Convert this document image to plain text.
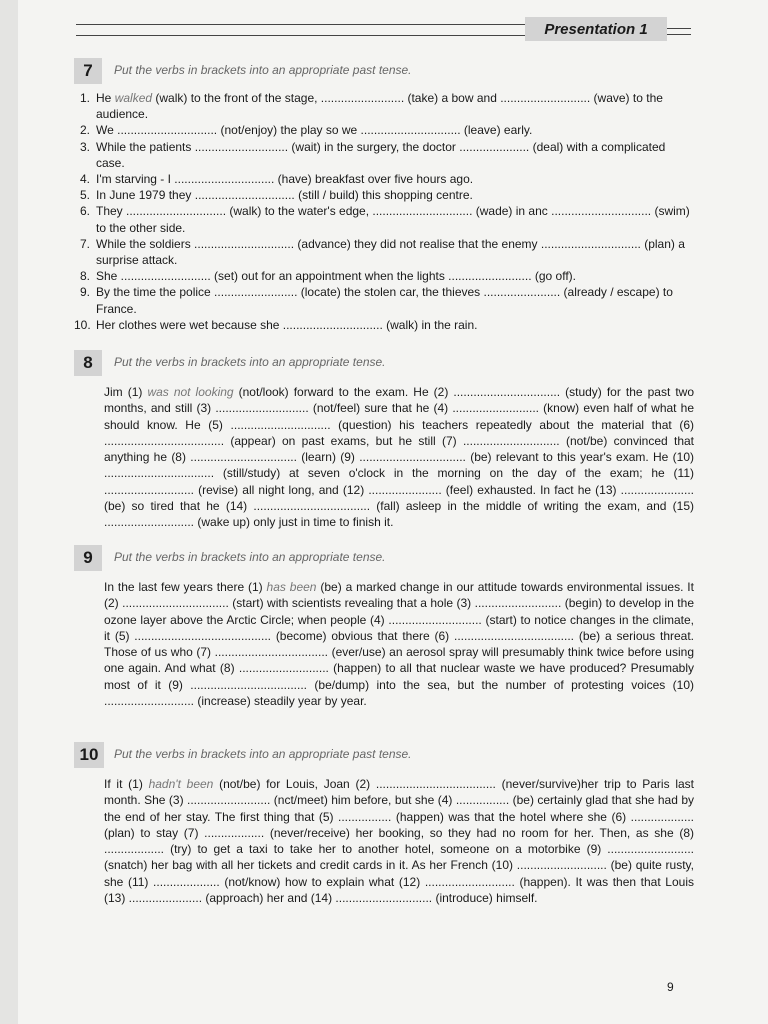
Presentation 1
7	Put the verbs in brackets into an appropriate past tense.
1. He walked (walk) to the front of the stage, ......................... (take) a bow and ........................... (wave) to the audience.
2. We .............................. (not/enjoy) the play so we .............................. (leave) early.
3. While the patients ............................ (wait) in the surgery, the doctor ..................... (deal) with a complicated case.
4. I'm starving - I .............................. (have) breakfast over five hours ago.
5. In June 1979 they .............................. (still / build) this shopping centre.
6. They .............................. (walk) to the water's edge, .............................. (wade) in anc .............................. (swim) to the other side.
7. While the soldiers .............................. (advance) they did not realise that the enemy .............................. (plan) a surprise attack.
8. She ........................... (set) out for an appointment when the lights ......................... (go off).
9. By the time the police ......................... (locate) the stolen car, the thieves ....................... (already / escape) to France.
10. Her clothes were wet because she .............................. (walk) in the rain.
8	Put the verbs in brackets into an appropriate tense.

Jim (1) was not looking (not/look) forward to the exam. He (2) ................................ (study) for the past two months, and still (3) ............................ (not/feel) sure that he (4) .......................... (know) even half of what he should know. He (5) .............................. (question) his teachers repeatedly about the material that (6) .................................... (appear) on past exams, but he still (7) ............................. (not/be) convinced that anything he (8) ................................ (learn) (9) ................................ (be) relevant to this year's exam. He (10) ................................. (still/study) at seven o'clock in the morning on the day of the exam; he (11) ........................... (revise) all night long, and (12) ...................... (feel) exhausted. In fact he (13) ...................... (be) so tired that he (14) ................................... (fall) asleep in the middle of writing the exam, and (15) ........................... (wake up) only just in time to finish it.

9	Put the verbs in brackets into an appropriate tense.

In the last few years there (1) has been (be) a marked change in our attitude towards environmental issues. It (2) ................................ (start) with scientists revealing that a hole (3) .......................... (begin) to develop in the ozone layer above the Arctic Circle; when people (4) ............................ (start) to notice changes in the climate, it (5) ......................................... (become) obvious that there (6) .................................... (be) a serious threat. Those of us who (7) .................................. (ever/use) an aerosol spray will presumably think twice before using one again. And what (8) ........................... (happen) to all that nuclear waste we have produced? Presumably most of it (9) ................................... (be/dump) into the sea, but the number of protesting voices (10) ........................... (increase) steadily year by year.

10	Put the verbs in brackets into an appropriate past tense.

If it (1) hadn't been (not/be) for Louis, Joan (2) .................................... (never/survive)her trip to Paris last month. She (3) ......................... (nct/meet) him before, but she (4) ................ (be) certainly glad that she had by the end of her stay. The first thing that (5) ................ (happen) was that the hotel where she (6) ................... (plan) to stay (7) .................. (never/receive) her booking, so they had no room for her. Then, as she (8) .................. (try) to get a taxi to take her to another hotel, someone on a motorbike (9) .......................... (snatch) her bag with all her tickets and credit cards in it. As her French (10) ........................... (be) quite rusty, she (11) .................... (not/know) how to explain what (12) ........................... (happen). It was then that Louis (13) ...................... (approach) her and (14) ............................. (introduce) himself.

9
